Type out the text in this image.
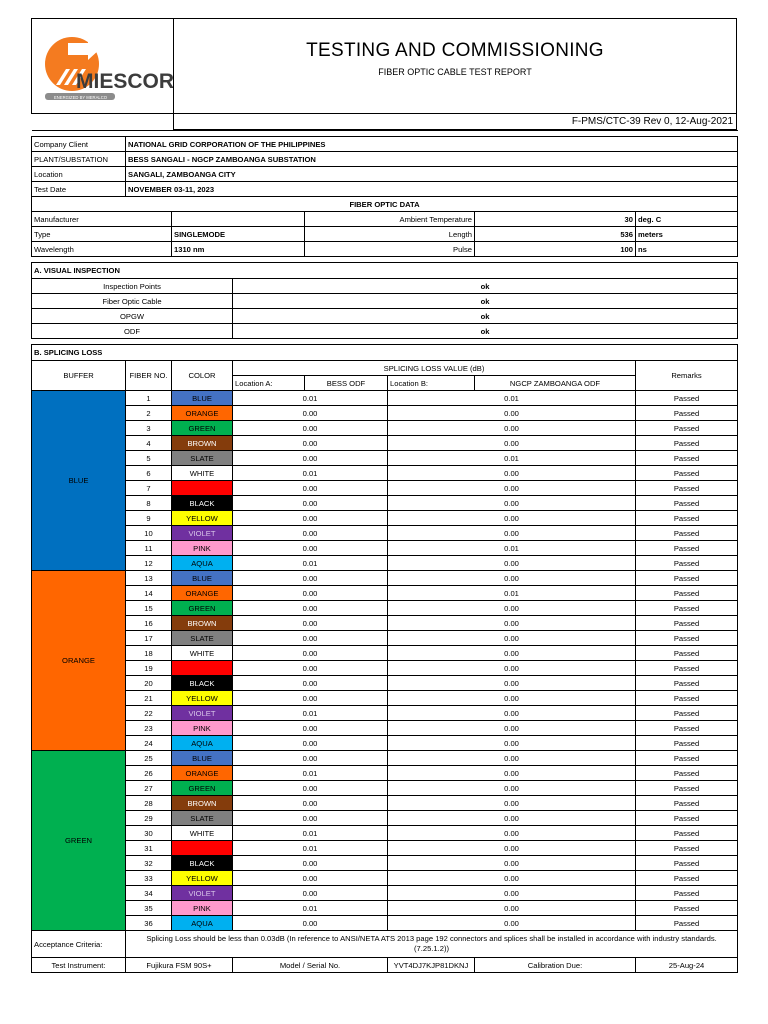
MIESCOR
ENERGIZED BY MERALCO
TESTING AND COMMISSIONING
FIBER OPTIC CABLE TEST REPORT
F-PMS/CTC-39 Rev 0, 12-Aug-2021

Company Client	NATIONAL GRID CORPORATION OF THE PHILIPPINES						
PLANT/SUBSTATION	BESS SANGALI - NGCP ZAMBOANGA SUBSTATION						
Location	SANGALI, ZAMBOANGA CITY						
Test Date	NOVEMBER 03-11, 2023						
FIBER OPTIC DATA							
Manufacturer				Ambient Temperature		30	deg. C
Type		SINGLEMODE		Length		536	meters
Wavelength		1310 nm		Pulse		100	ns

A. VISUAL INSPECTION							
Inspection Points			ok				
Fiber Optic Cable			ok				
OPGW			ok				
ODF			ok				

B. SPLICING LOSS							
BUFFER	FIBER NO.	COLOR	SPLICING LOSS VALUE (dB)				Remarks
			Location A:	BESS ODF	Location B:	NGCP ZAMBOANGA ODF	
BLUE	1	BLUE	0.01		0.01		Passed
	2	ORANGE	0.00		0.00		Passed
	3	GREEN	0.00		0.00		Passed
	4	BROWN	0.00		0.00		Passed
	5	SLATE	0.00		0.01		Passed
	6	WHITE	0.01		0.00		Passed
	7	RED	0.00		0.00		Passed
	8	BLACK	0.00		0.00		Passed
	9	YELLOW	0.00		0.00		Passed
	10	VIOLET	0.00		0.00		Passed
	11	PINK	0.00		0.01		Passed
	12	AQUA	0.01		0.00		Passed
ORANGE	13	BLUE	0.00		0.00		Passed
	14	ORANGE	0.00		0.01		Passed
	15	GREEN	0.00		0.00		Passed
	16	BROWN	0.00		0.00		Passed
	17	SLATE	0.00		0.00		Passed
	18	WHITE	0.00		0.00		Passed
	19	RED	0.00		0.00		Passed
	20	BLACK	0.00		0.00		Passed
	21	YELLOW	0.00		0.00		Passed
	22	VIOLET	0.01		0.00		Passed
	23	PINK	0.00		0.00		Passed
	24	AQUA	0.00		0.00		Passed
GREEN	25	BLUE	0.00		0.00		Passed
	26	ORANGE	0.01		0.00		Passed
	27	GREEN	0.00		0.00		Passed
	28	BROWN	0.00		0.00		Passed
	29	SLATE	0.00		0.00		Passed
	30	WHITE	0.01		0.00		Passed
	31	RED	0.01		0.00		Passed
	32	BLACK	0.00		0.00		Passed
	33	YELLOW	0.00		0.00		Passed
	34	VIOLET	0.00		0.00		Passed
	35	PINK	0.01		0.00		Passed
	36	AQUA	0.00		0.00		Passed
Acceptance Criteria:	Splicing Loss should be less than 0.03dB (In reference to ANSI/NETA ATS 2013 page 192 connectors and splices shall be installed in accordance with industry standards. (7.25.1.2))						
Test Instrument:	Fujikura FSM 90S+		Model / Serial No.		YVT4DJ7KJP81DKNJ	Calibration Due:	25-Aug-24
